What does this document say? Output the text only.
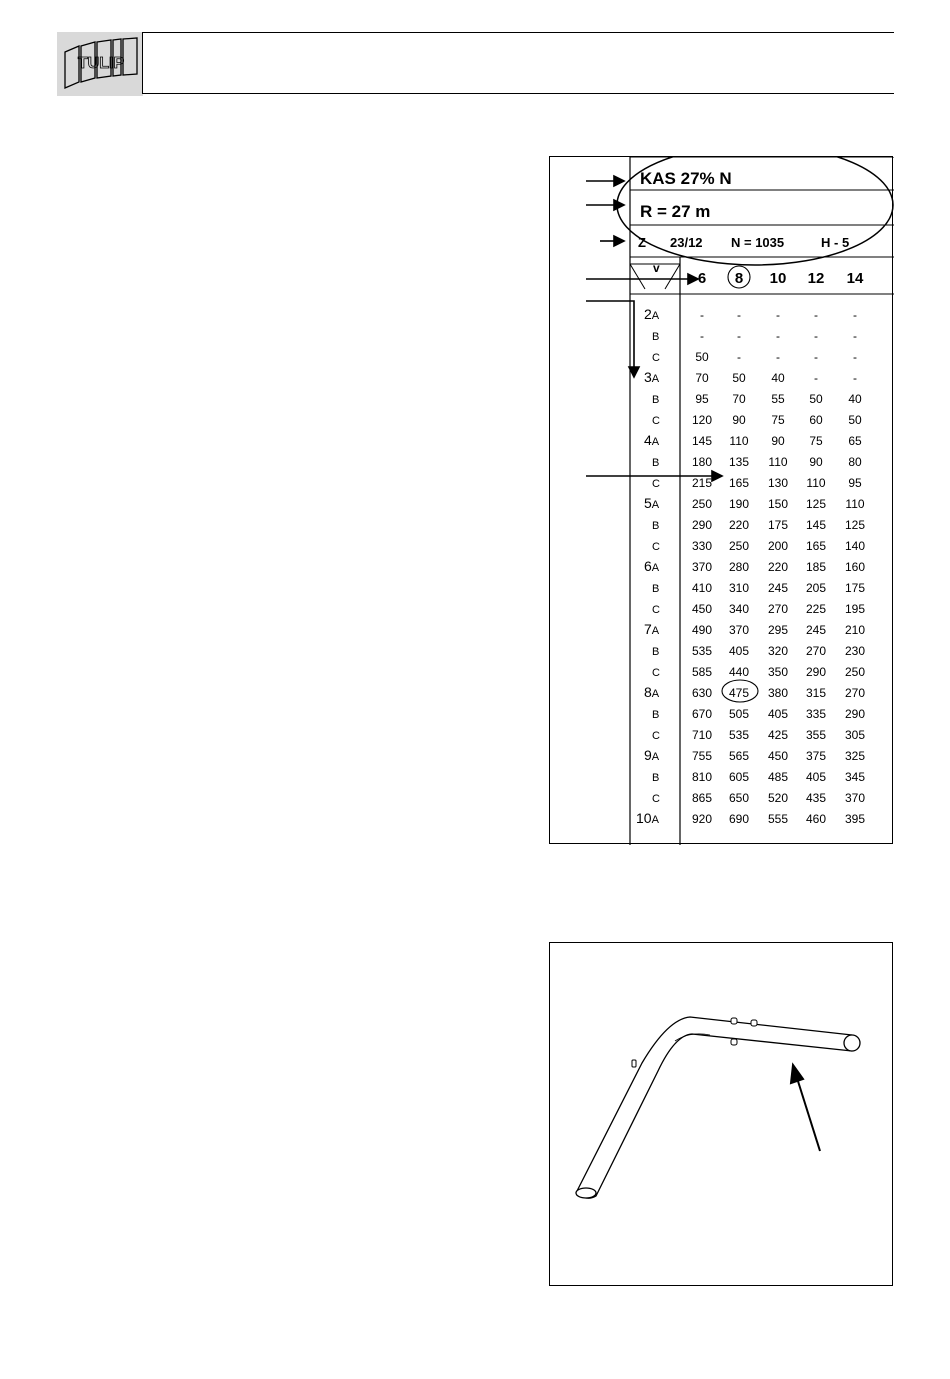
TULIP
KAS 27% N
R = 27 m
Z 23/12 N = 1035	H - 5
v
6	8	10	12	14
2A	-	-	-	-	-
B	-	-	-	-	-
C	50	-	-	-	-
3A	70	50	40	-	-
B	95	70	55	50	40
C	120	90	75	60	50
4A	145	110	90	75	65
B	180	135	110	90	80
C	215	165	130	110	95
5A	250	190	150	125	110
B	290	220	175	145	125
C	330	250	200	165	140
6A	370	280	220	185	160
B	410	310	245	205	175
C	450	340	270	225	195
7A	490	370	295	245	210
B	535	405	320	270	230
C	585	440	350	290	250
8A	630	475	380	315	270
B	670	505	405	335	290
C	710	535	425	355	305
9A	755	565	450	375	325
B	810	605	485	405	345
C	865	650	520	435	370
10A	920	690	555	460	395
